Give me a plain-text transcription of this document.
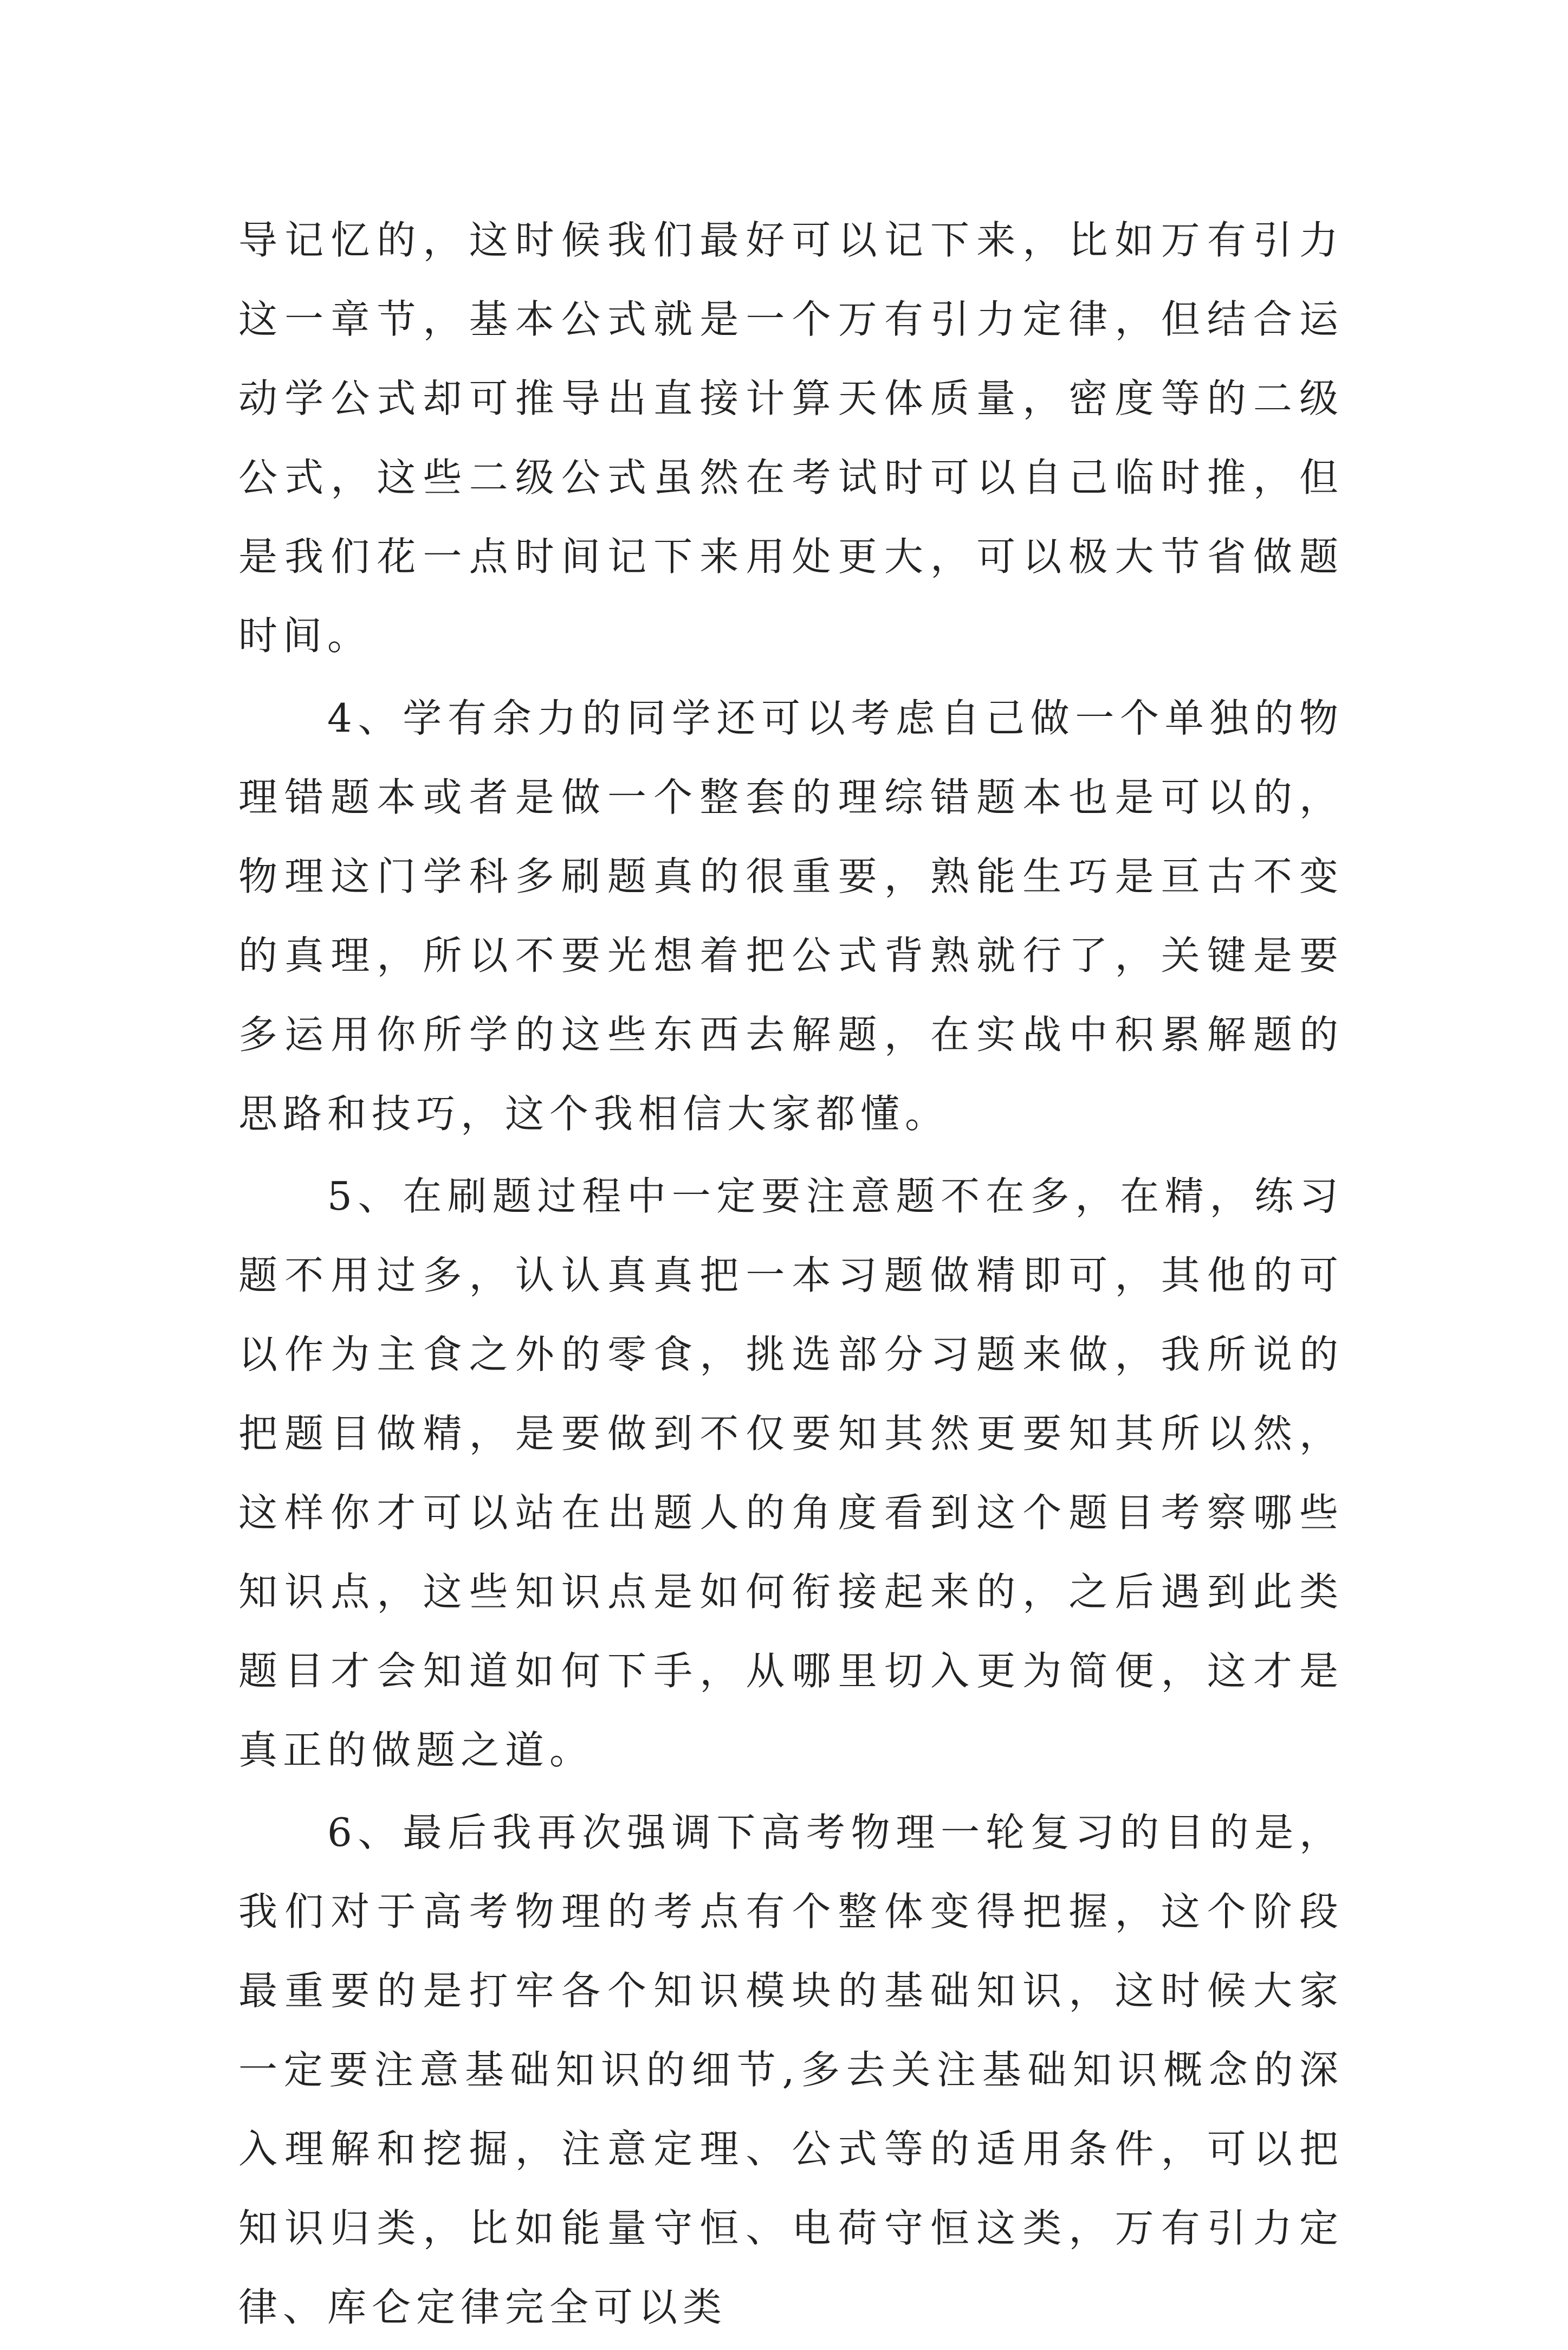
导记忆的，这时候我们最好可以记下来，比如万有引力这一章节，基本公式就是一个万有引力定律，但结合运动学公式却可推导出直接计算天体质量，密度等的二级公式，这些二级公式虽然在考试时可以自己临时推，但是我们花一点时间记下来用处更大，可以极大节省做题时间。

4、学有余力的同学还可以考虑自己做一个单独的物理错题本或者是做一个整套的理综错题本也是可以的，物理这门学科多刷题真的很重要，熟能生巧是亘古不变的真理，所以不要光想着把公式背熟就行了，关键是要多运用你所学的这些东西去解题，在实战中积累解题的思路和技巧，这个我相信大家都懂。

5、在刷题过程中一定要注意题不在多，在精，练习题不用过多，认认真真把一本习题做精即可，其他的可以作为主食之外的零食，挑选部分习题来做，我所说的把题目做精，是要做到不仅要知其然更要知其所以然，这样你才可以站在出题人的角度看到这个题目考察哪些知识点，这些知识点是如何衔接起来的，之后遇到此类题目才会知道如何下手，从哪里切入更为简便，这才是真正的做题之道。

6、最后我再次强调下高考物理一轮复习的目的是，我们对于高考物理的考点有个整体变得把握，这个阶段最重要的是打牢各个知识模块的基础知识，这时候大家一定要注意基础知识的细节,多去关注基础知识概念的深入理解和挖掘，注意定理、公式等的适用条件，可以把知识归类，比如能量守恒、电荷守恒这类，万有引力定律、库仑定律完全可以类
